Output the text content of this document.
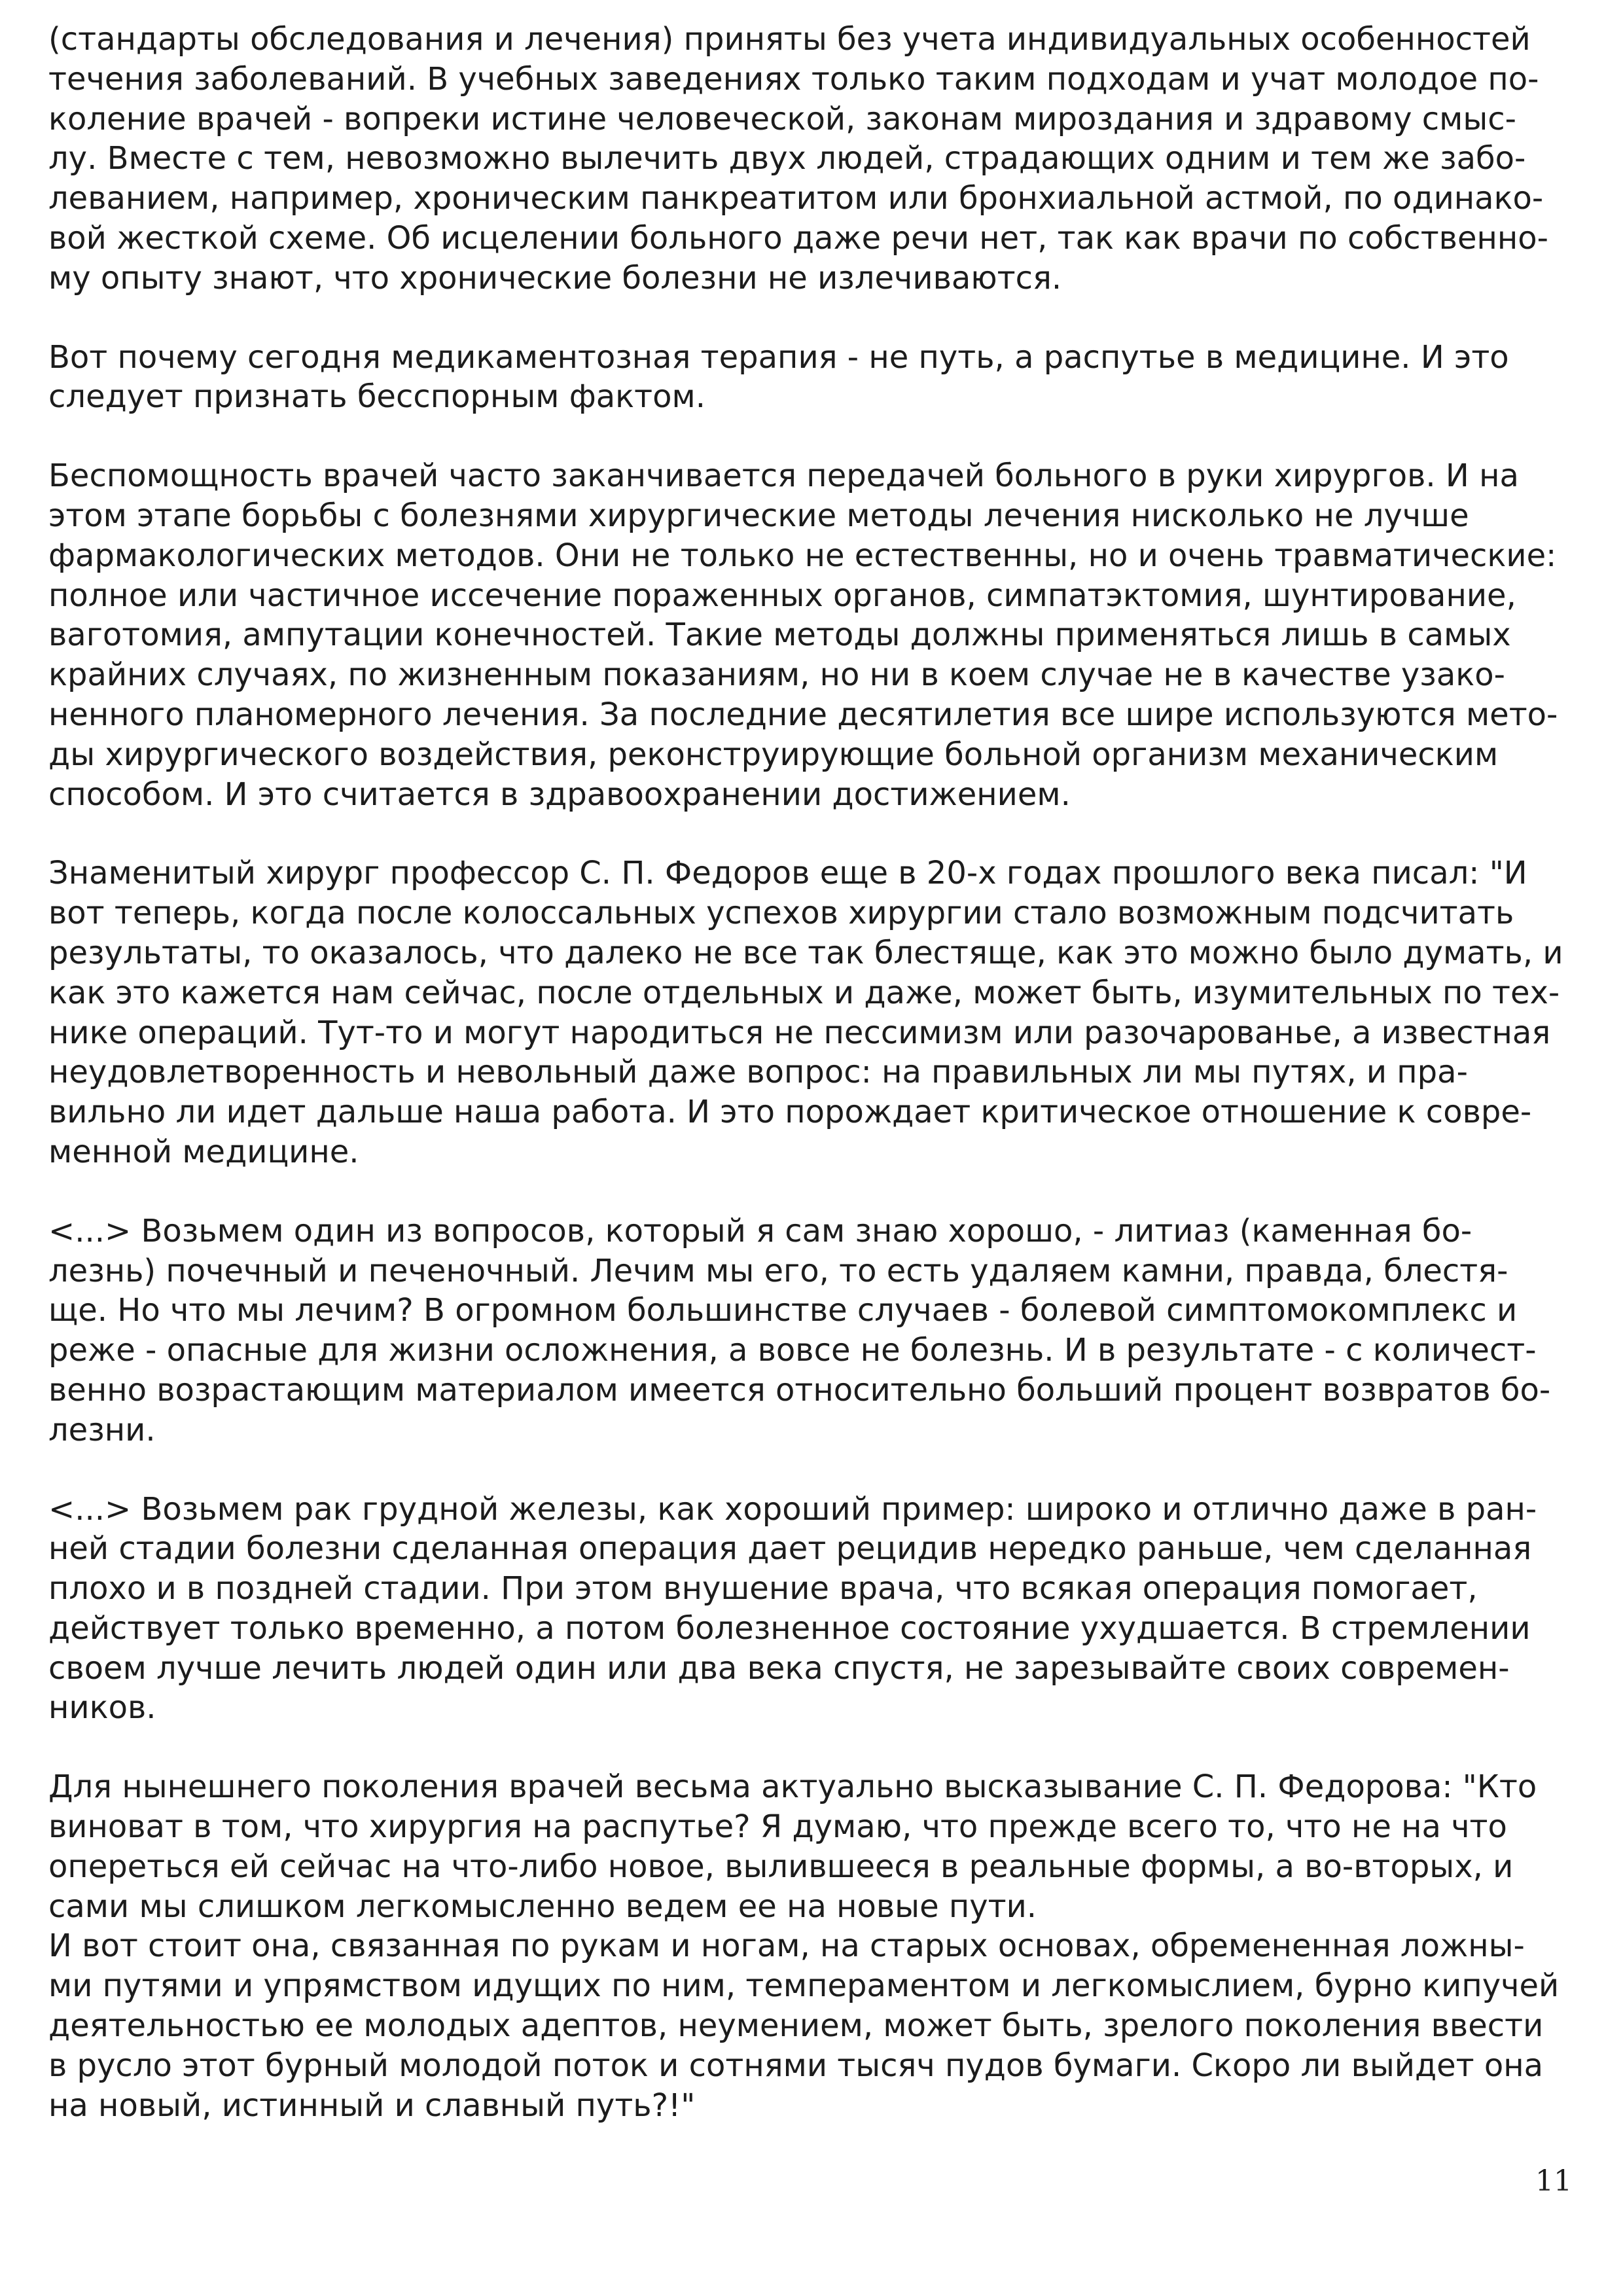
(стандарты обследования и лечения) приняты без учета индивидуальных особенностей
течения заболеваний. В учебных заведениях только таким подходам и учат молодое по-
коление врачей - вопреки истине человеческой, законам мироздания и здравому смыс-
лу. Вместе с тем, невозможно вылечить двух людей, страдающих одним и тем же забо-
леванием, например, хроническим панкреатитом или бронхиальной астмой, по одинако-
вой жесткой схеме. Об исцелении больного даже речи нет, так как врачи по собственно-
му опыту знают, что хронические болезни не излечиваются.

Вот почему сегодня медикаментозная терапия - не путь, а распутье в медицине. И это
следует признать бесспорным фактом.

Беспомощность врачей часто заканчивается передачей больного в руки хирургов. И на
этом этапе борьбы с болезнями хирургические методы лечения нисколько не лучше
фармакологических методов. Они не только не естественны, но и очень травматические:
полное или частичное иссечение пораженных органов, симпатэктомия, шунтирование,
ваготомия, ампутации конечностей. Такие методы должны применяться лишь в самых
крайних случаях, по жизненным показаниям, но ни в коем случае не в качестве узако-
ненного планомерного лечения. За последние десятилетия все шире используются мето-
ды хирургического воздействия, реконструирующие больной организм механическим
способом. И это считается в здравоохранении достижением.

Знаменитый хирург профессор С. П. Федоров еще в 20-х годах прошлого века писал: "И
вот теперь, когда после колоссальных успехов хирургии стало возможным подсчитать
результаты, то оказалось, что далеко не все так блестяще, как это можно было думать, и
как это кажется нам сейчас, после отдельных и даже, может быть, изумительных по тех-
нике операций. Тут-то и могут народиться не пессимизм или разочарованье, а известная
неудовлетворенность и невольный даже вопрос: на правильных ли мы путях, и пра-
вильно ли идет дальше наша работа. И это порождает критическое отношение к совре-
менной медицине.

<...> Возьмем один из вопросов, который я сам знаю хорошо, - литиаз (каменная бо-
лезнь) почечный и печеночный. Лечим мы его, то есть удаляем камни, правда, блестя-
ще. Но что мы лечим? В огромном большинстве случаев - болевой симптомокомплекс и
реже - опасные для жизни осложнения, а вовсе не болезнь. И в результате - с количест-
венно возрастающим материалом имеется относительно больший процент возвратов бо-
лезни.

<...> Возьмем рак грудной железы, как хороший пример: широко и отлично даже в ран-
ней стадии болезни сделанная операция дает рецидив нередко раньше, чем сделанная
плохо и в поздней стадии. При этом внушение врача, что всякая операция помогает,
действует только временно, а потом болезненное состояние ухудшается. В стремлении
своем лучше лечить людей один или два века спустя, не зарезывайте своих современ-
ников.

Для нынешнего поколения врачей весьма актуально высказывание С. П. Федорова: "Кто
виноват в том, что хирургия на распутье? Я думаю, что прежде всего то, что не на что
опереться ей сейчас на что-либо новое, вылившееся в реальные формы, а во-вторых, и
сами мы слишком легкомысленно ведем ее на новые пути.
И вот стоит она, связанная по рукам и ногам, на старых основах, обремененная ложны-
ми путями и упрямством идущих по ним, темпераментом и легкомыслием, бурно кипучей
деятельностью ее молодых адептов, неумением, может быть, зрелого поколения ввести
в русло этот бурный молодой поток и сотнями тысяч пудов бумаги. Скоро ли выйдет она
на новый, истинный и славный путь?!"

11
